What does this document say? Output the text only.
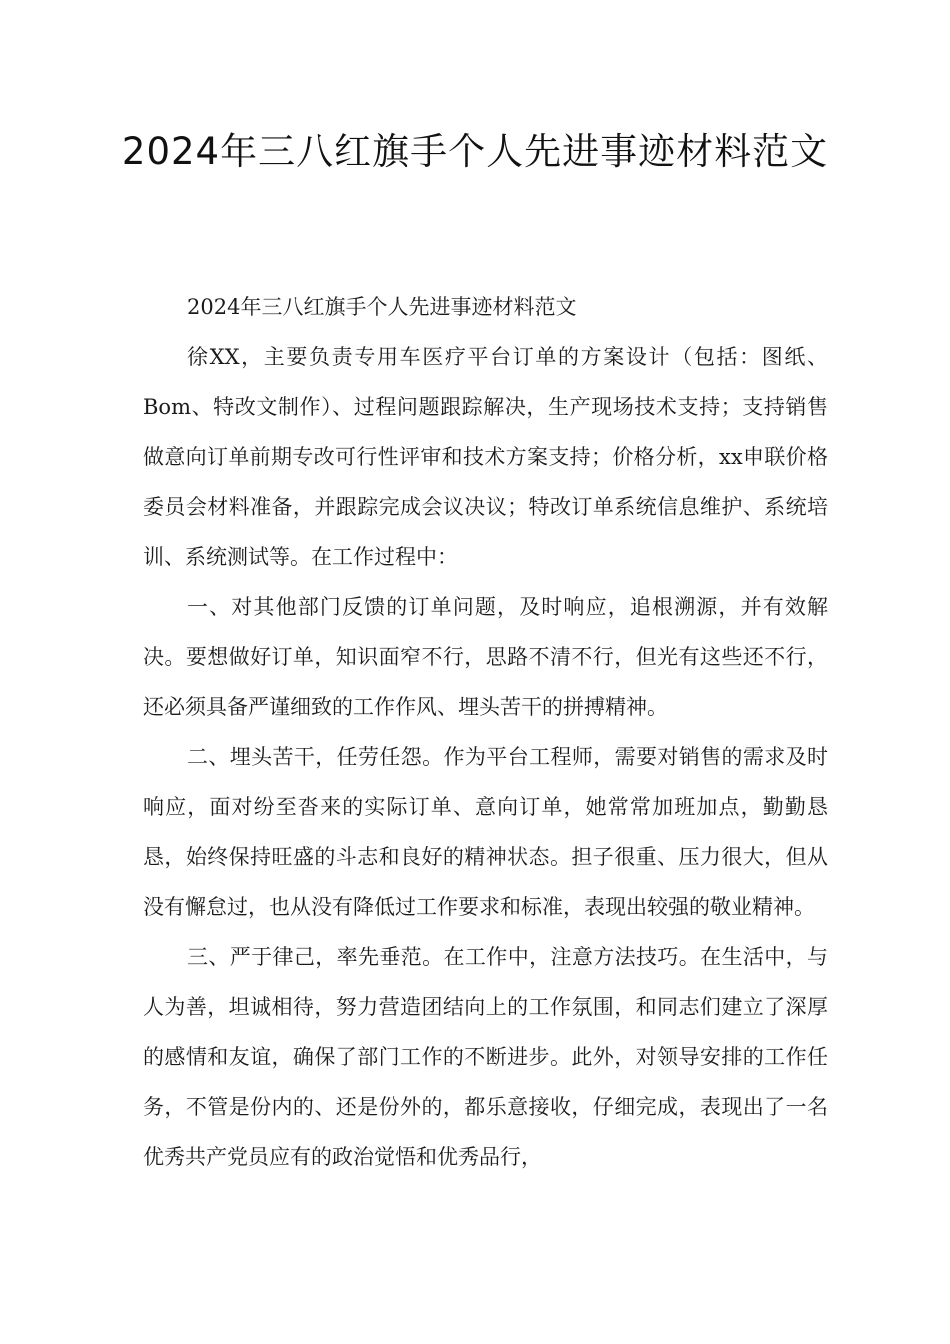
2024年三八红旗手个人先进事迹材料范文

2024年三八红旗手个人先进事迹材料范文

徐XX，主要负责专用车医疗平台订单的方案设计（包括：图纸、Bom、特改文制作）、过程问题跟踪解决，生产现场技术支持；支持销售做意向订单前期专改可行性评审和技术方案支持；价格分析，xx申联价格委员会材料准备，并跟踪完成会议决议；特改订单系统信息维护、系统培训、系统测试等。在工作过程中：

一、对其他部门反馈的订单问题，及时响应，追根溯源，并有效解决。要想做好订单，知识面窄不行，思路不清不行，但光有这些还不行，还必须具备严谨细致的工作作风、埋头苦干的拼搏精神。

二、埋头苦干，任劳任怨。作为平台工程师，需要对销售的需求及时响应，面对纷至沓来的实际订单、意向订单，她常常加班加点，勤勤恳恳，始终保持旺盛的斗志和良好的精神状态。担子很重、压力很大，但从没有懈怠过，也从没有降低过工作要求和标准，表现出较强的敬业精神。

三、严于律己，率先垂范。在工作中，注意方法技巧。在生活中，与人为善，坦诚相待，努力营造团结向上的工作氛围，和同志们建立了深厚的感情和友谊，确保了部门工作的不断进步。此外，对领导安排的工作任务，不管是份内的、还是份外的，都乐意接收，仔细完成，表现出了一名优秀共产党员应有的政治觉悟和优秀品行，
